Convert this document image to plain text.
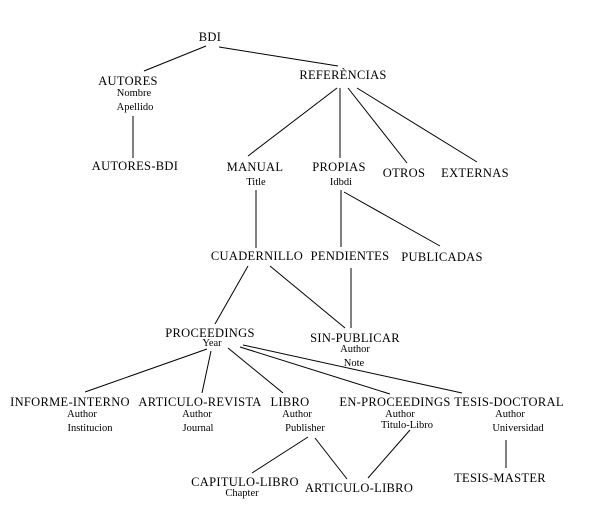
BDI
AUTORES
Nombre
Apellido
REFERÈNCIAS
AUTORES-BDI	MANUAL
Title
PROPIAS
Idbdi
OTROS EXTERNAS
CUADERNILLO PENDIENTES PUBLICADAS
PROCEEDINGS
Year	SIN-PUBLICAR
Author
Note
INFORME-INTERNO
Author
Institucion
ARTICULO-REVISTA
Author
Journal
LIBRO
Author
Publisher
EN-PROCEEDINGS
Author
Titulo-Libro
TESIS-DOCTORAL
Author
Universidad
CAPITULO-LIBRO
Chapter	ARTICULO-LIBRO
TESIS-MASTER
